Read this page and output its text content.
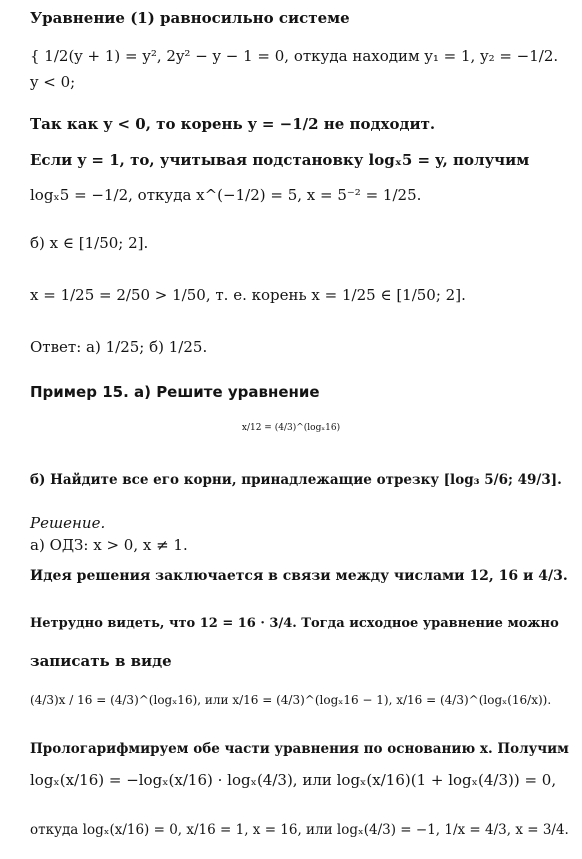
Уравнение (1) равносильно системе
{ 1/2(y + 1) = y², 2y² − y − 1 = 0, откуда находим y₁ = 1, y₂ = −1/2.
y < 0;
Так как y < 0, то корень y = −1/2 не подходит.
Если y = 1, то, учитывая подстановку logₓ5 = y, получим
logₓ5 = −1/2, откуда x^(−1/2) = 5, x = 5⁻² = 1/25.
б) x ∈ [1/50; 2].
x = 1/25 = 2/50 > 1/50, т. е. корень x = 1/25 ∈ [1/50; 2].
Ответ: а) 1/25; б) 1/25.
Пример 15. а) Решите уравнение
x/12 = (4/3)^(logₓ16)
б) Найдите все его корни, принадлежащие отрезку [log₃ 5/6; 49/3].
Решение.
а) ОДЗ: x > 0, x ≠ 1.
Идея решения заключается в связи между числами 12, 16 и 4/3.
Нетрудно видеть, что 12 = 16 · 3/4. Тогда исходное уравнение можно
записать в виде
(4/3)x / 16 = (4/3)^(logₓ16), или x/16 = (4/3)^(logₓ16 − 1), x/16 = (4/3)^(logₓ(16/x)).
Прологарифмируем обе части уравнения по основанию x. Получим
logₓ(x/16) = −logₓ(x/16) · logₓ(4/3), или logₓ(x/16)(1 + logₓ(4/3)) = 0,
откуда logₓ(x/16) = 0, x/16 = 1, x = 16, или logₓ(4/3) = −1, 1/x = 4/3, x = 3/4.
